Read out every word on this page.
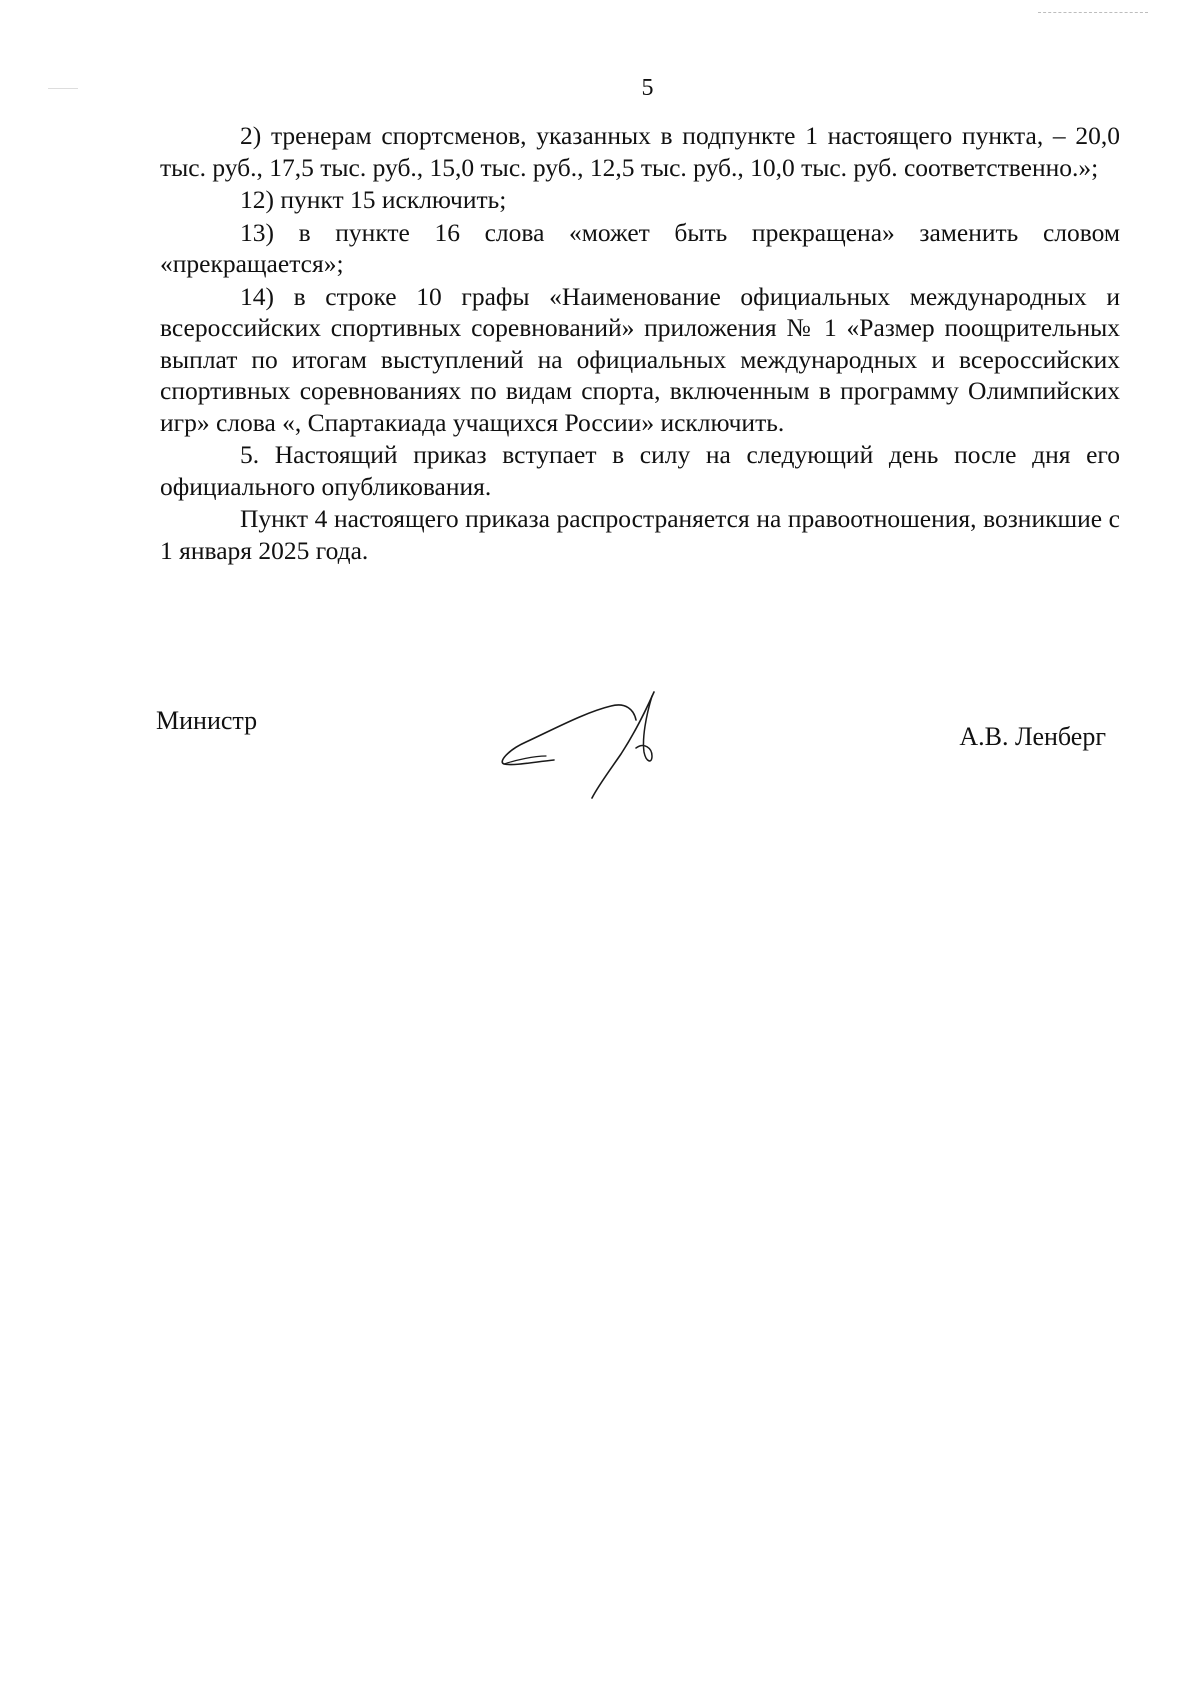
5

2) тренерам спортсменов, указанных в подпункте 1 настоящего пункта, – 20,0 тыс. руб., 17,5 тыс. руб., 15,0 тыс. руб., 12,5 тыс. руб., 10,0 тыс. руб. соответственно.»;

12) пункт 15 исключить;

13) в пункте 16 слова «может быть прекращена» заменить словом «прекращается»;

14) в строке 10 графы «Наименование официальных международных и всероссийских спортивных соревнований» приложения № 1 «Размер поощрительных выплат по итогам выступлений на официальных международных и всероссийских спортивных соревнованиях по видам спорта, включенным в программу Олимпийских игр» слова «, Спартакиада учащихся России» исключить.

5. Настоящий приказ вступает в силу на следующий день после дня его официального опубликования.

Пункт 4 настоящего приказа распространяется на правоотношения, возникшие с 1 января 2025 года.

Министр
А.В. Ленберг
